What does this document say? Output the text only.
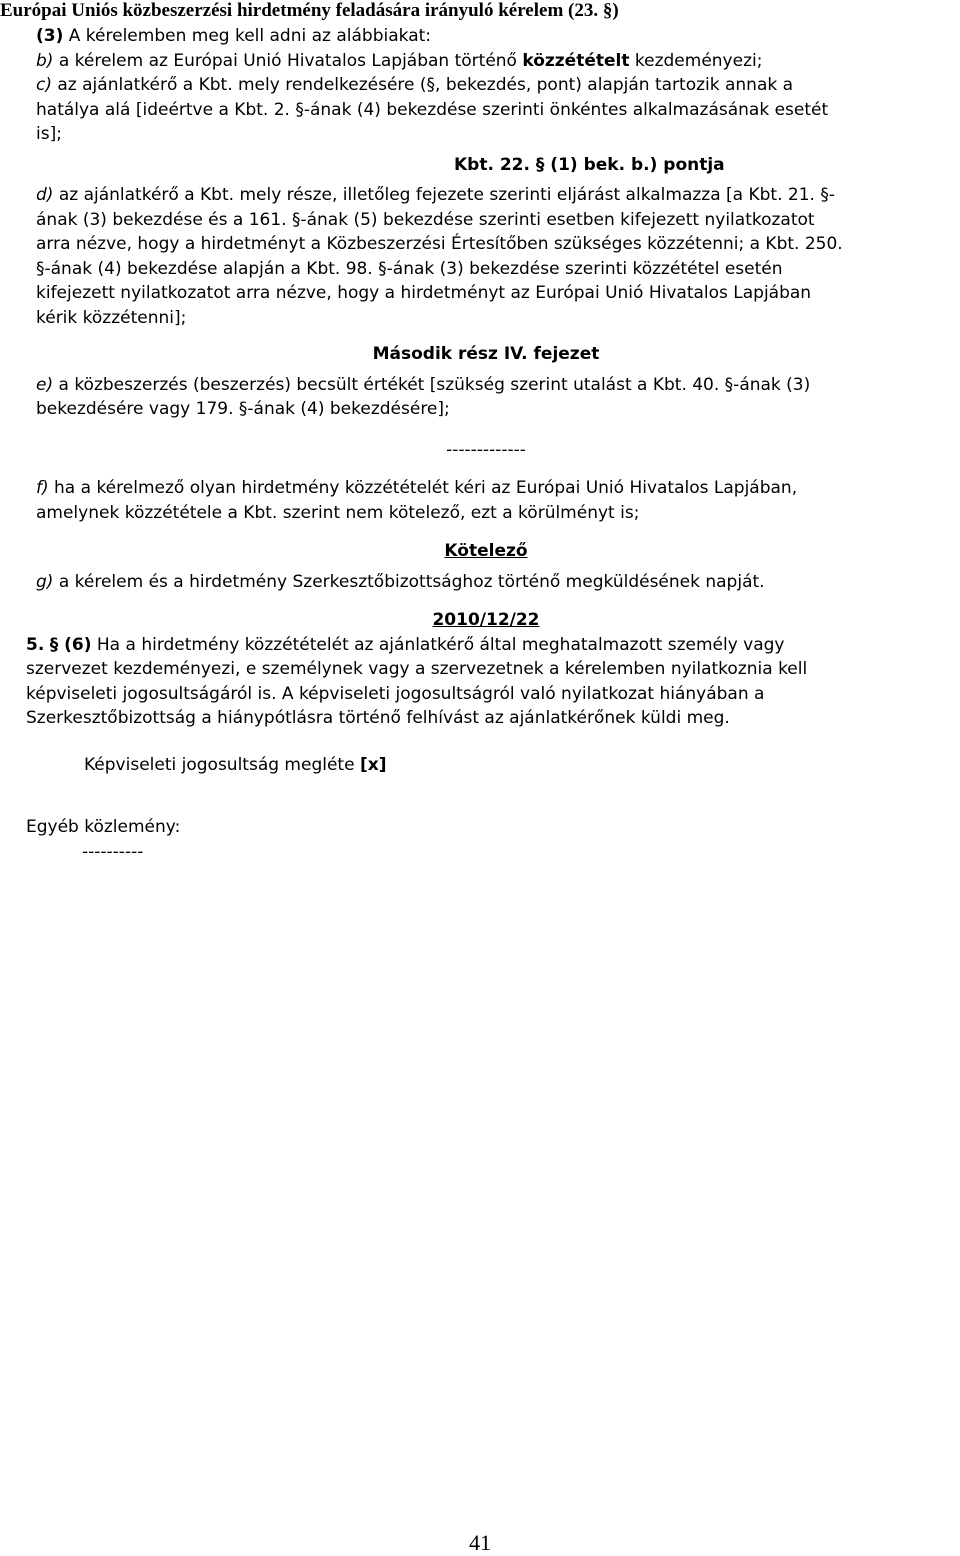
Európai Uniós közbeszerzési hirdetmény feladására irányuló kérelem (23. §)
(3) A kérelemben meg kell adni az alábbiakat:
b) a kérelem az Európai Unió Hivatalos Lapjában történő közzétételt kezdeményezi;
c) az ajánlatkérő a Kbt. mely rendelkezésére (§, bekezdés, pont) alapján tartozik annak a
hatálya alá [ideértve a Kbt. 2. §-ának (4) bekezdése szerinti önkéntes alkalmazásának esetét
is];
Kbt. 22. § (1) bek. b.) pontja
d) az ajánlatkérő a Kbt. mely része, illetőleg fejezete szerinti eljárást alkalmazza [a Kbt. 21. §-
ának (3) bekezdése és a 161. §-ának (5) bekezdése szerinti esetben kifejezett nyilatkozatot
arra nézve, hogy a hirdetményt a Közbeszerzési Értesítőben szükséges közzétenni; a Kbt. 250.
§-ának (4) bekezdése alapján a Kbt. 98. §-ának (3) bekezdése szerinti közzététel esetén
kifejezett nyilatkozatot arra nézve, hogy a hirdetményt az Európai Unió Hivatalos Lapjában
kérik közzétenni];
Második rész IV. fejezet
e) a közbeszerzés (beszerzés) becsült értékét [szükség szerint utalást a Kbt. 40. §-ának (3)
bekezdésére vagy 179. §-ának (4) bekezdésére];
-------------
f) ha a kérelmező olyan hirdetmény közzétételét kéri az Európai Unió Hivatalos Lapjában,
amelynek közzététele a Kbt. szerint nem kötelező, ezt a körülményt is;
Kötelező
g) a kérelem és a hirdetmény Szerkesztőbizottsághoz történő megküldésének napját.
2010/12/22
5. § (6) Ha a hirdetmény közzétételét az ajánlatkérő által meghatalmazott személy vagy
szervezet kezdeményezi, e személynek vagy a szervezetnek a kérelemben nyilatkoznia kell
képviseleti jogosultságáról is. A képviseleti jogosultságról való nyilatkozat hiányában a
Szerkesztőbizottság a hiánypótlásra történő felhívást az ajánlatkérőnek küldi meg.
Képviseleti jogosultság megléte [x]
Egyéb közlemény:
----------
41
